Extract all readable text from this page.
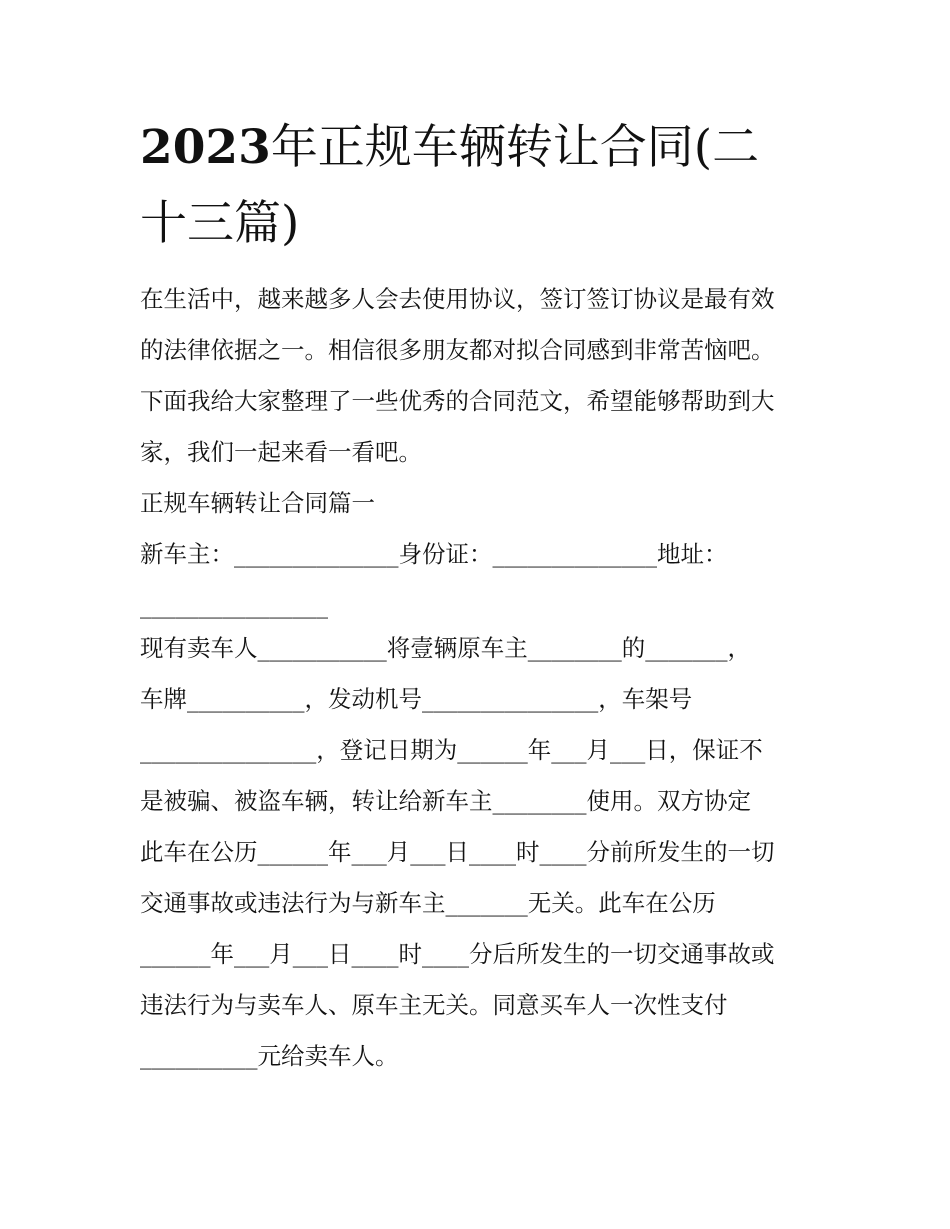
2023年正规车辆转让合同(二
十三篇)
在生活中，越来越多人会去使用协议，签订签订协议是最有效
的法律依据之一。相信很多朋友都对拟合同感到非常苦恼吧。
下面我给大家整理了一些优秀的合同范文，希望能够帮助到大
家，我们一起来看一看吧。
正规车辆转让合同篇一
新车主：______________身份证：______________地址：
________________
现有卖车人___________将壹辆原车主________的_______，
车牌__________，发动机号_______________，车架号
_______________，登记日期为______年___月___日，保证不
是被骗、被盗车辆，转让给新车主________使用。双方协定
此车在公历______年___月___日____时____分前所发生的一切
交通事故或违法行为与新车主_______无关。此车在公历
______年___月___日____时____分后所发生的一切交通事故或
违法行为与卖车人、原车主无关。同意买车人一次性支付
__________元给卖车人。
